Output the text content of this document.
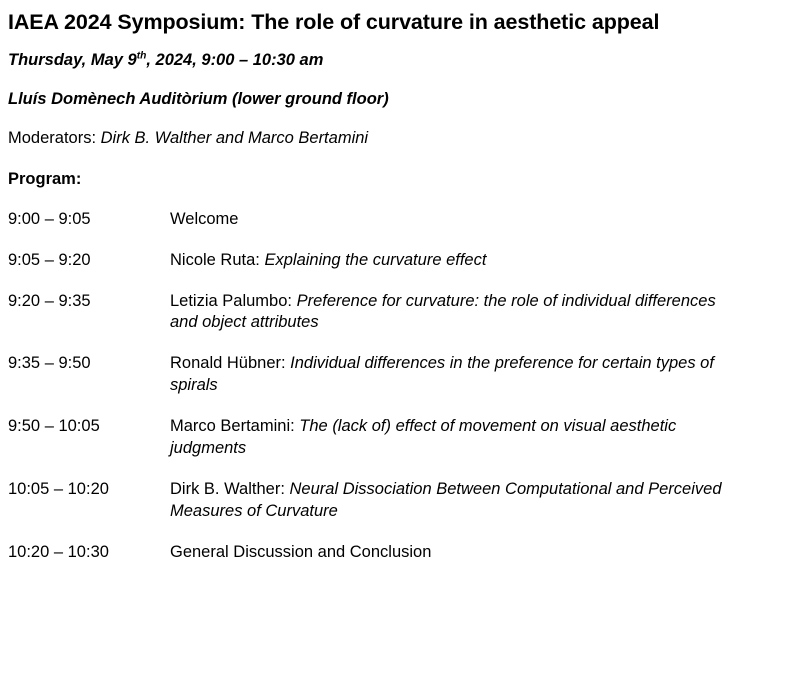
IAEA 2024 Symposium: The role of curvature in aesthetic appeal
Thursday, May 9th, 2024, 9:00 – 10:30 am
Lluís Domènech Auditòrium (lower ground floor)
Moderators: Dirk B. Walther and Marco Bertamini
Program:
9:00 – 9:05	Welcome
9:05 – 9:20	Nicole Ruta: Explaining the curvature effect
9:20 – 9:35	Letizia Palumbo: Preference for curvature: the role of individual differences and object attributes
9:35 – 9:50	Ronald Hübner: Individual differences in the preference for certain types of spirals
9:50 – 10:05	Marco Bertamini: The (lack of) effect of movement on visual aesthetic judgments
10:05 – 10:20	Dirk B. Walther: Neural Dissociation Between Computational and Perceived Measures of Curvature
10:20 – 10:30	General Discussion and Conclusion
